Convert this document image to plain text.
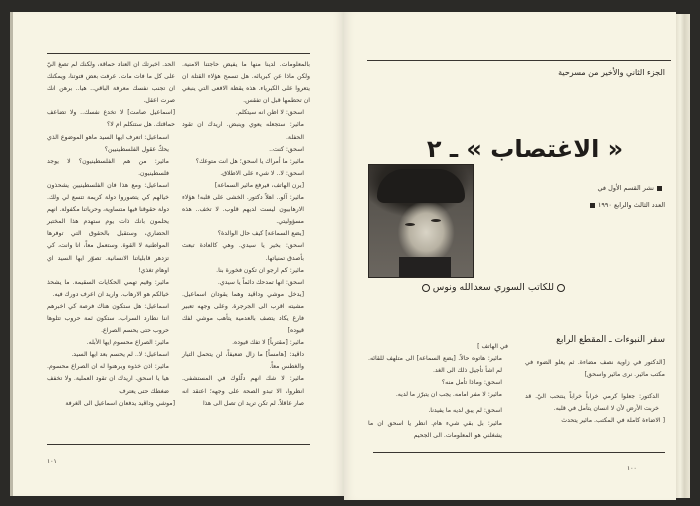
بالمعلومات. لدينا منها ما يفيض حاجتنا الامنية. ولكن ماذا عن كبريائه. هل تسمح هؤلاء القتلة ان يتعروا على الكبرياء. هذه يقظة الافعى التي ينبغي ان تحطمها قبل ان تفقس.

اسحق: لا اظن انه سيتكلم.

مائير: ستجعله يعوي وينبض. اريدك ان تقود الحفلة.

اسحق: كنت..

مائير: ما أمراك يا اسحق؛ هل انت متوعك؟

اسحق: لا.. لا شيء على الاطلاق.

[يرن الهاتف، فيرفع مائير السماعة]

مائير: آلو.. اهلاً دكتور. الخشى على قلبه! هؤلاء الارهابيون ليست لديهم قلوب. لا تخف.. هذه مسؤوليتي.

[يضع السماعة] كيف حال الوالدة؟

اسحق: بخير يا سيدي. وهي كالعادة تبعث بأصدق تمنياتها.

مائير: كم ارجو ان تكون فخورة بنا.

اسحق: انها تمدحك دائماً يا سيدي.

[يدخل موشي وداڤيد وهما يقودان اسماعيل. مشيته اقرب الى الجرجرة. وعلى وجهه تعبير فارغ يكاد يتصف بالعدمية يتأهب موشي لفك قيوده]

مائير: [مقترباً] لا تفك قيوده.

داڤيد: [هامساً] ما زال ضعيفاً، لن يتحمل التيار والغطس معاً.

مائير: لا شك انهم دلّلوك في المستشفى. انظروا، الا تبدو الصحة على وجهه؛ اعتقد انه صار عاقلاً. لم تكن تريد ان تصل الى هذا

الحد. اخبرتك ان العناد حماقة، ولكنك لم تصغ اليّ على كل ما فات مات. عرفت بعض فتوتنا، ويمكنك ان تجنب نفسك معرفة الباقي.. هيا.. برهن انك صرت اعقل.

[اسماعيل صامت] لا تخدع نفسك.. ولا تضاعف حماقتك. هل ستتكلم ام لا؟

اسماعيل: اتعرف ايها السيد ماهو الموضوع الذي يحكّ عقول الفلسطينيين؟

مائير: من هم الفلسطينيون؟ لا يوجد فلسطينيون.

اسماعيل: ومع هذا فان الفلسطينيين يشحذون خيالهم كي يتصوروا دولة كريمة تتسع لي ولك. دولة حقوقنا فيها متساوية، وحرياتنا مكفولة. انهم يحلمون بانك ذات يوم ستهدم هذا المختبر الحضاري، وستقبل بالحقوق التي توفرها المواطنية لا القوة. وستعمل معاً، انا وانت، كي تزدهر قابلياتنا الانسانية. تصوّر ايها السيد اي اوهام تغذي!

مائير: وقيم تهمي الحكايات السقيمة. ما يشحذ خيالكم هو الارهاب. واريد ان اعرف دورك فيه.

اسماعيل: هل ستكون هناك فرصة كي اخبرهم اننا نطارد السراب. ستكون ثمة حروب تتلوها حروب حتى يحسم الصراع.

مائير: الصراع محسوم ايها الأبله.

اسماعيل: لا.. لم يحسم بعد ايها السيد.

مائير: اذن خذوه وبرهنوا له ان الصراع محسوم. هيا يا اسحق. اريدك ان تقود العملية. ولا تخفف ضغطك حتى يعترف

[موشي وداڤيد يدفعان اسماعيل الى الغرفة

١٠١
الجزء الثاني والأخير من مسرحية
« الاغتصاب » ـ ٢
نشر القسم الأول في
العدد الثالث والرابع ١٩٩٠
للكاتب السوري سعدالله ونوس
سفر النبوءات ـ المقطع الرابع

[الدكتور في زاوية نصف مضاءة. ثم يعلو الضوء في مكتب مائير. نرى مائير واسحق]

الدكتور: جعلوا كرمي خراباً خراباً ينتحب اليّ. قد خربت الأرض لأن لا انسان يتأمل في قلبه.

[ الاضاءة كاملة في المكتب. مائير يتحدث

في الهاتف ]

مائير: هاتوه حالاً. [يضع السماعة] الى متلهف للقائه. لم اشأ تأجيل ذلك الى الغد.

اسحق: وماذا تأمل منه؟

مائير: لا مفر امامه. يجب ان يتبرّز ما لديه.

اسحق: لم يبق لديه ما يفيدنا.

مائير: بل بقي شيء هام. انظر يا اسحق ان ما يشغلني هو المعلومات. الى الجحيم

١٠٠
